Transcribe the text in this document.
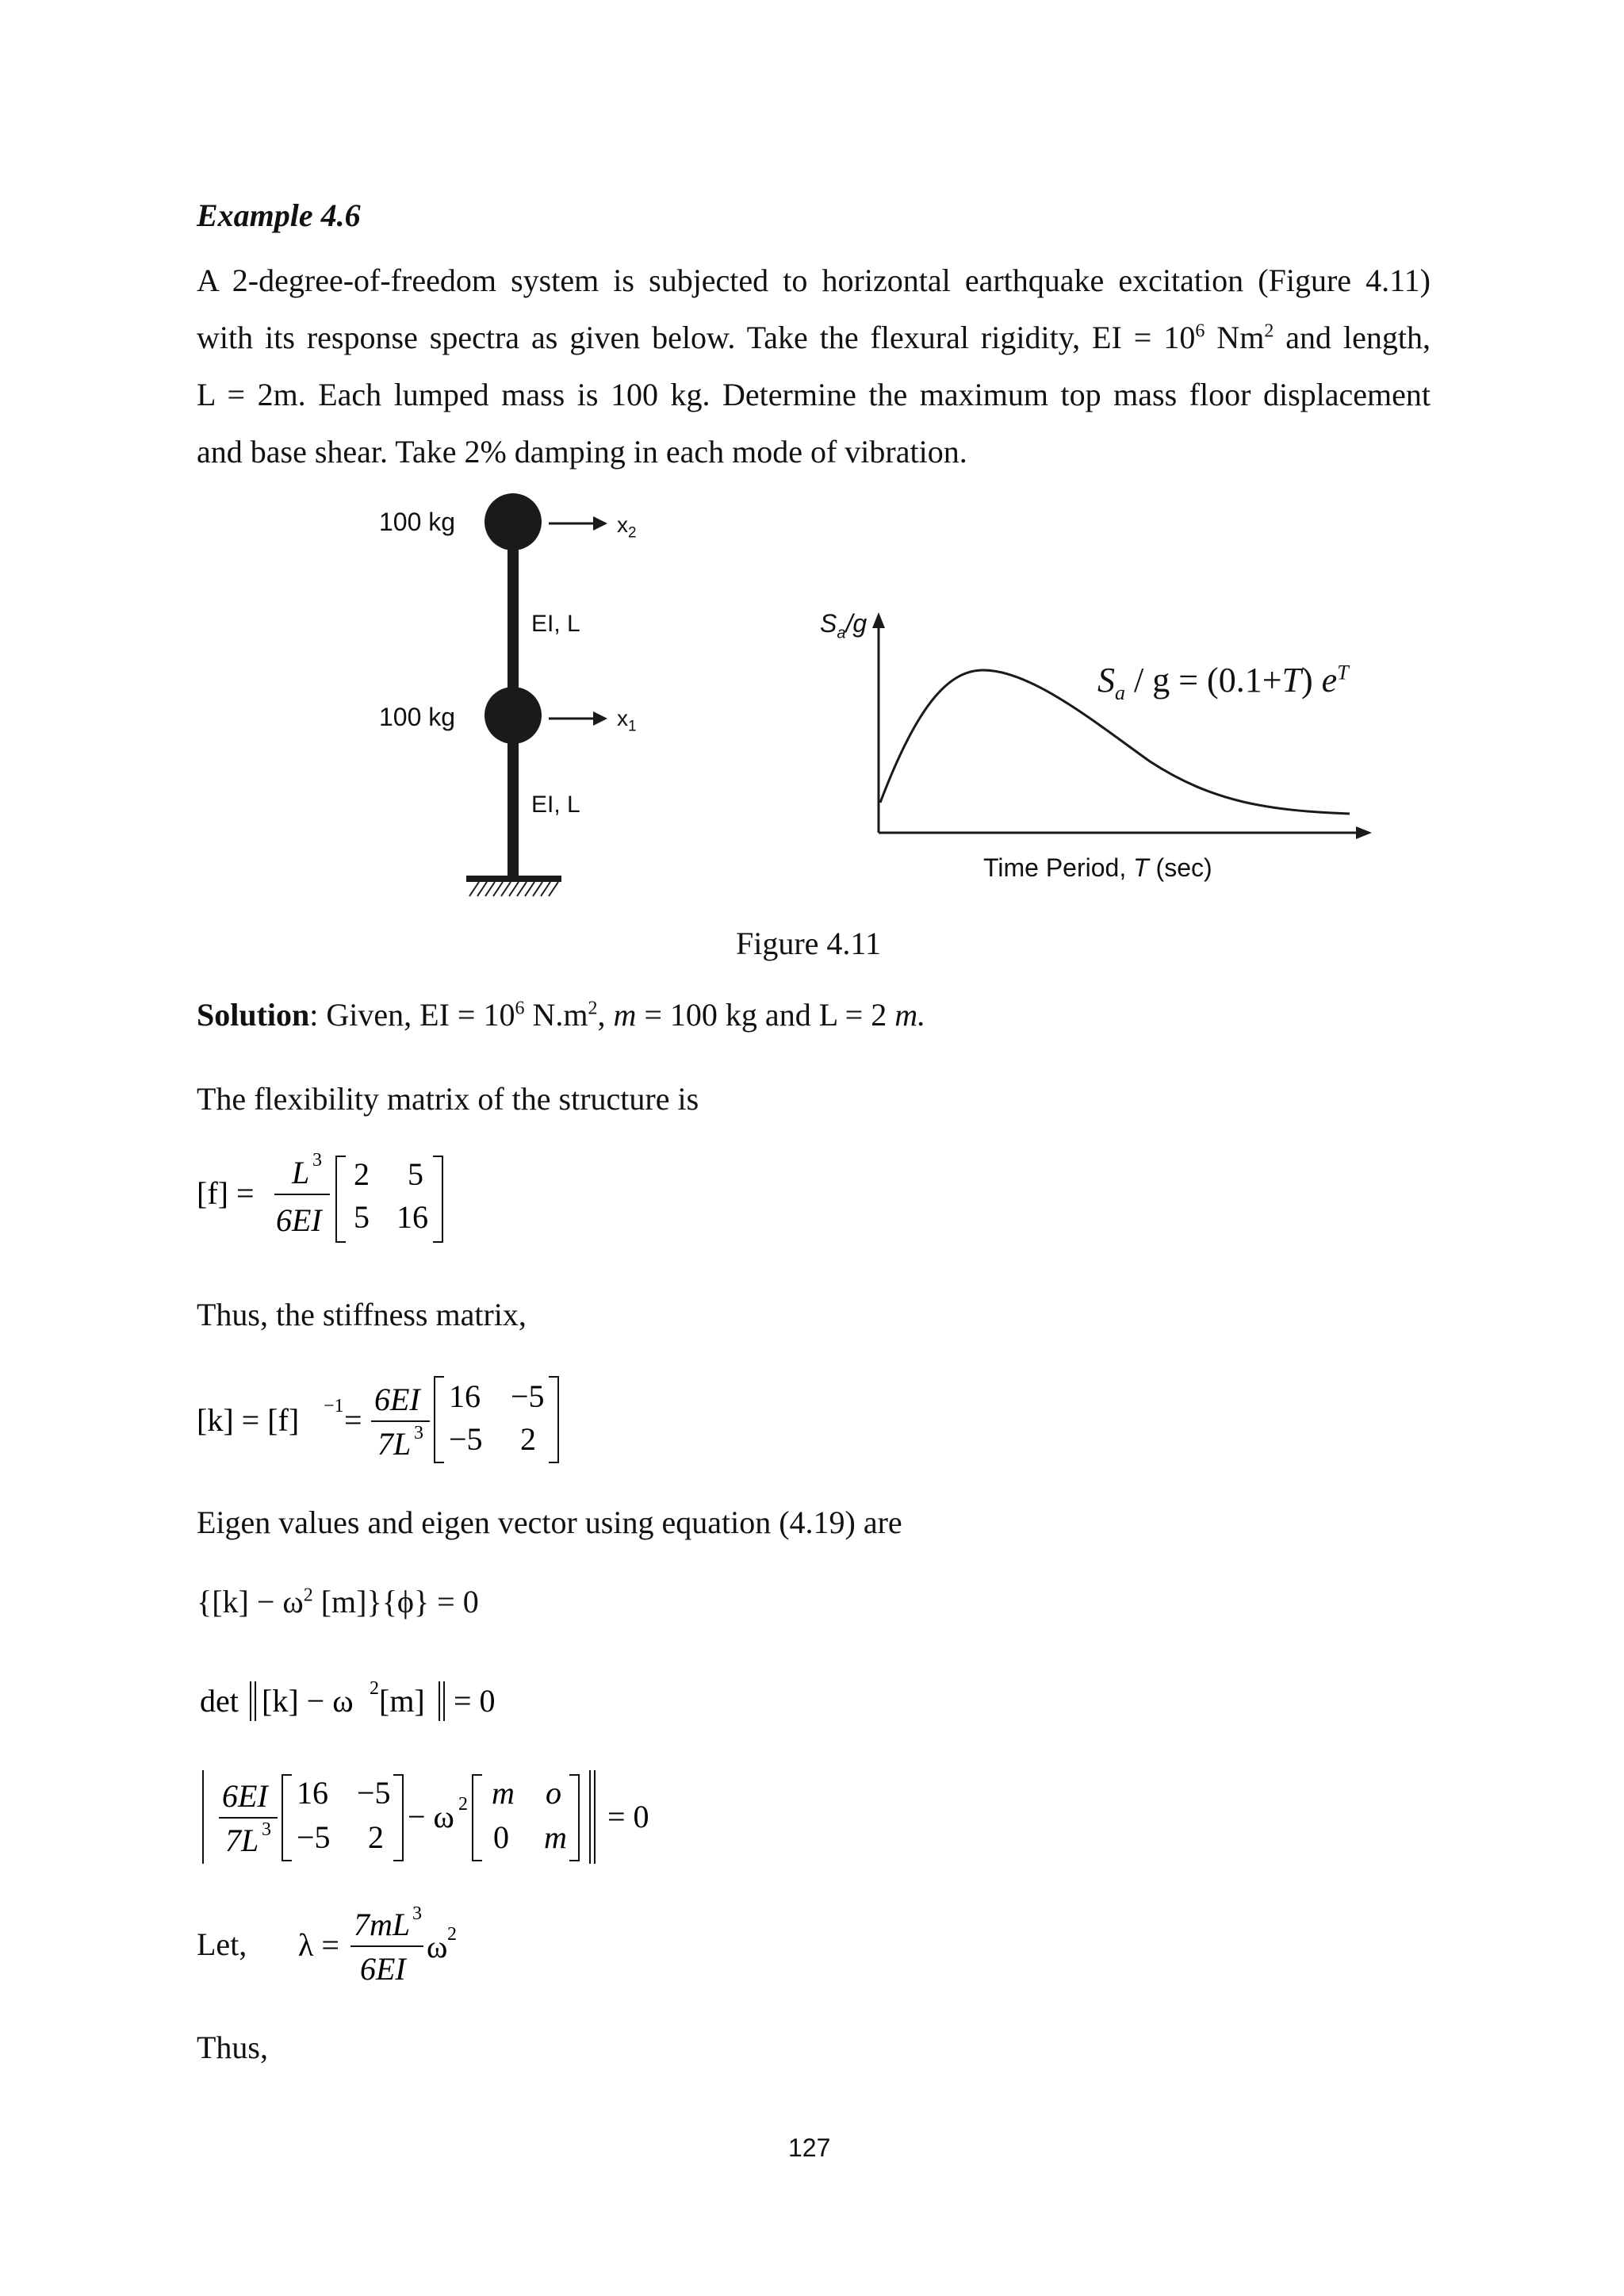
Example 4.6
A 2-degree-of-freedom system is subjected to horizontal earthquake excitation (Figure 4.11)
with its response spectra as given below. Take the flexural rigidity, EI = $10^6$ Nm$^2$ and length,
L = 2m. Each lumped mass is 100 kg. Determine the maximum top mass floor displacement
and base shear. Take 2% damping in each mode of vibration.
100 kg
100 kg
EI, L
EI, L
$x_2$
$x_1$
$S_a/g$
$S_a / g = (0.1+T)$ $e^T$
Time Period, T (sec)
Figure 4.11
Solution: Given, EI = $10^6$ $N.m^2$, m = 100 kg and L = 2 m.
The flexibility matrix of the structure is
[f] =
L 3
6EI
2 5
5 16
Thus, the stiffness matrix,
[k] = [f] −1 =
6EI
7L 3
16 −5
−5 2
Eigen values and eigen vector using equation (4.19) are
{$[k] - \omega^2$ [m]}{ϕ} = 0
det [k] − ω 2 [m] = 0
6EI
7L 3
16 −5
−5 2
− ω 2 m o
0 m
= 0
Let, λ =
7mL 3
6EI
ω 2
Thus,
127
